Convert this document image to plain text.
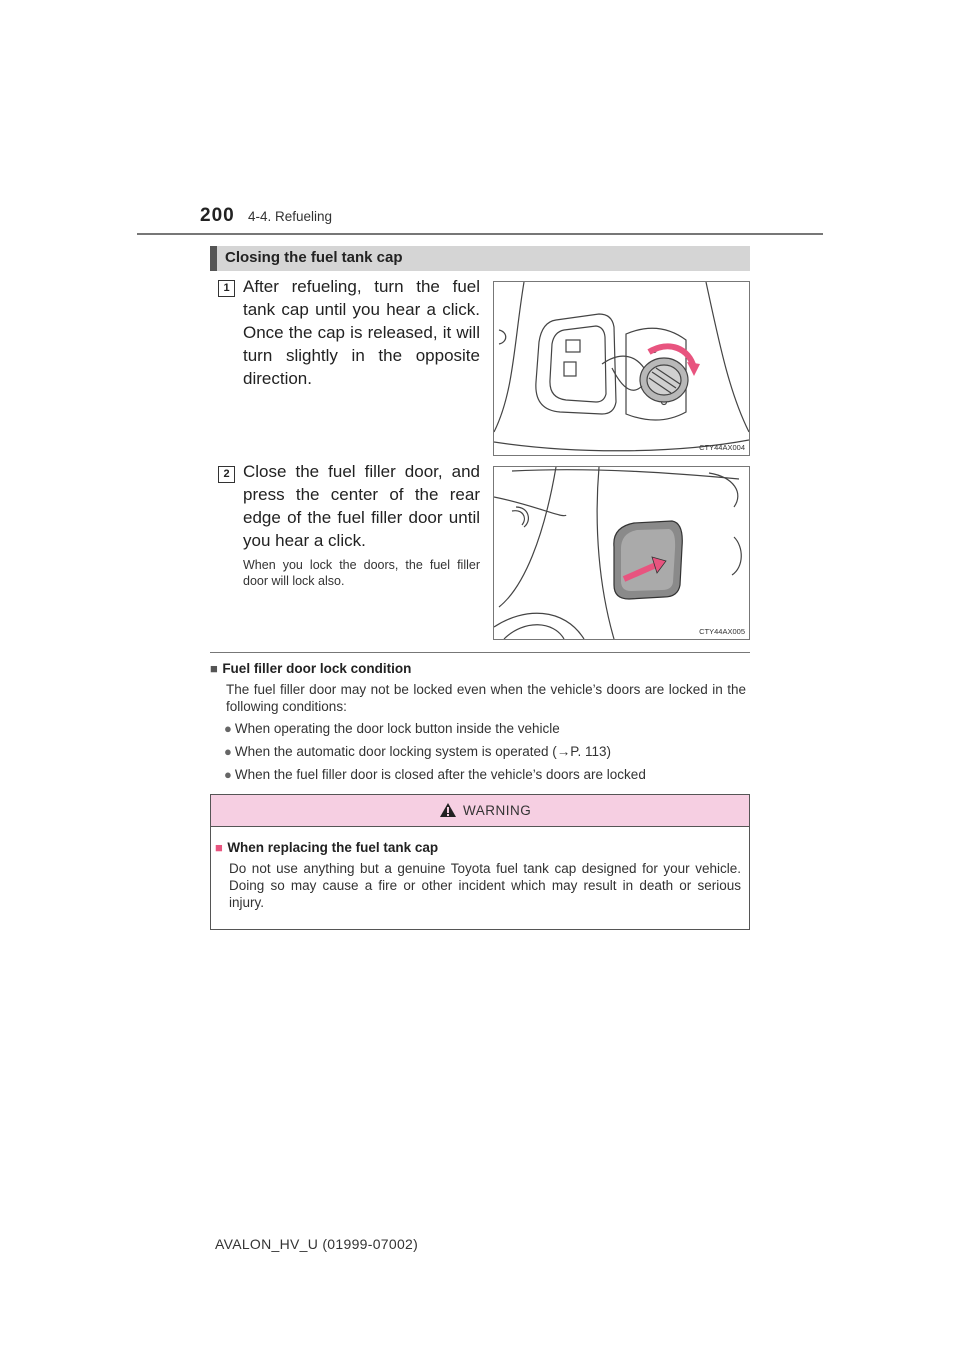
200 4-4. Refueling
Closing the fuel tank cap
1 After refueling, turn the fuel tank cap until you hear a click. Once the cap is released, it will turn slightly in the opposite direction.
CTY44AX004
2 Close the fuel filler door, and press the center of the rear edge of the fuel filler door until you hear a click.
When you lock the doors, the fuel filler door will lock also.
CTY44AX005
■ Fuel filler door lock condition
The fuel filler door may not be locked even when the vehicle’s doors are locked in the following conditions:
● When operating the door lock button inside the vehicle
● When the automatic door locking system is operated (→P. 113)
● When the fuel filler door is closed after the vehicle’s doors are locked
WARNING
■ When replacing the fuel tank cap
Do not use anything but a genuine Toyota fuel tank cap designed for your vehicle. Doing so may cause a fire or other incident which may result in death or serious injury.
AVALON_HV_U (01999-07002)
